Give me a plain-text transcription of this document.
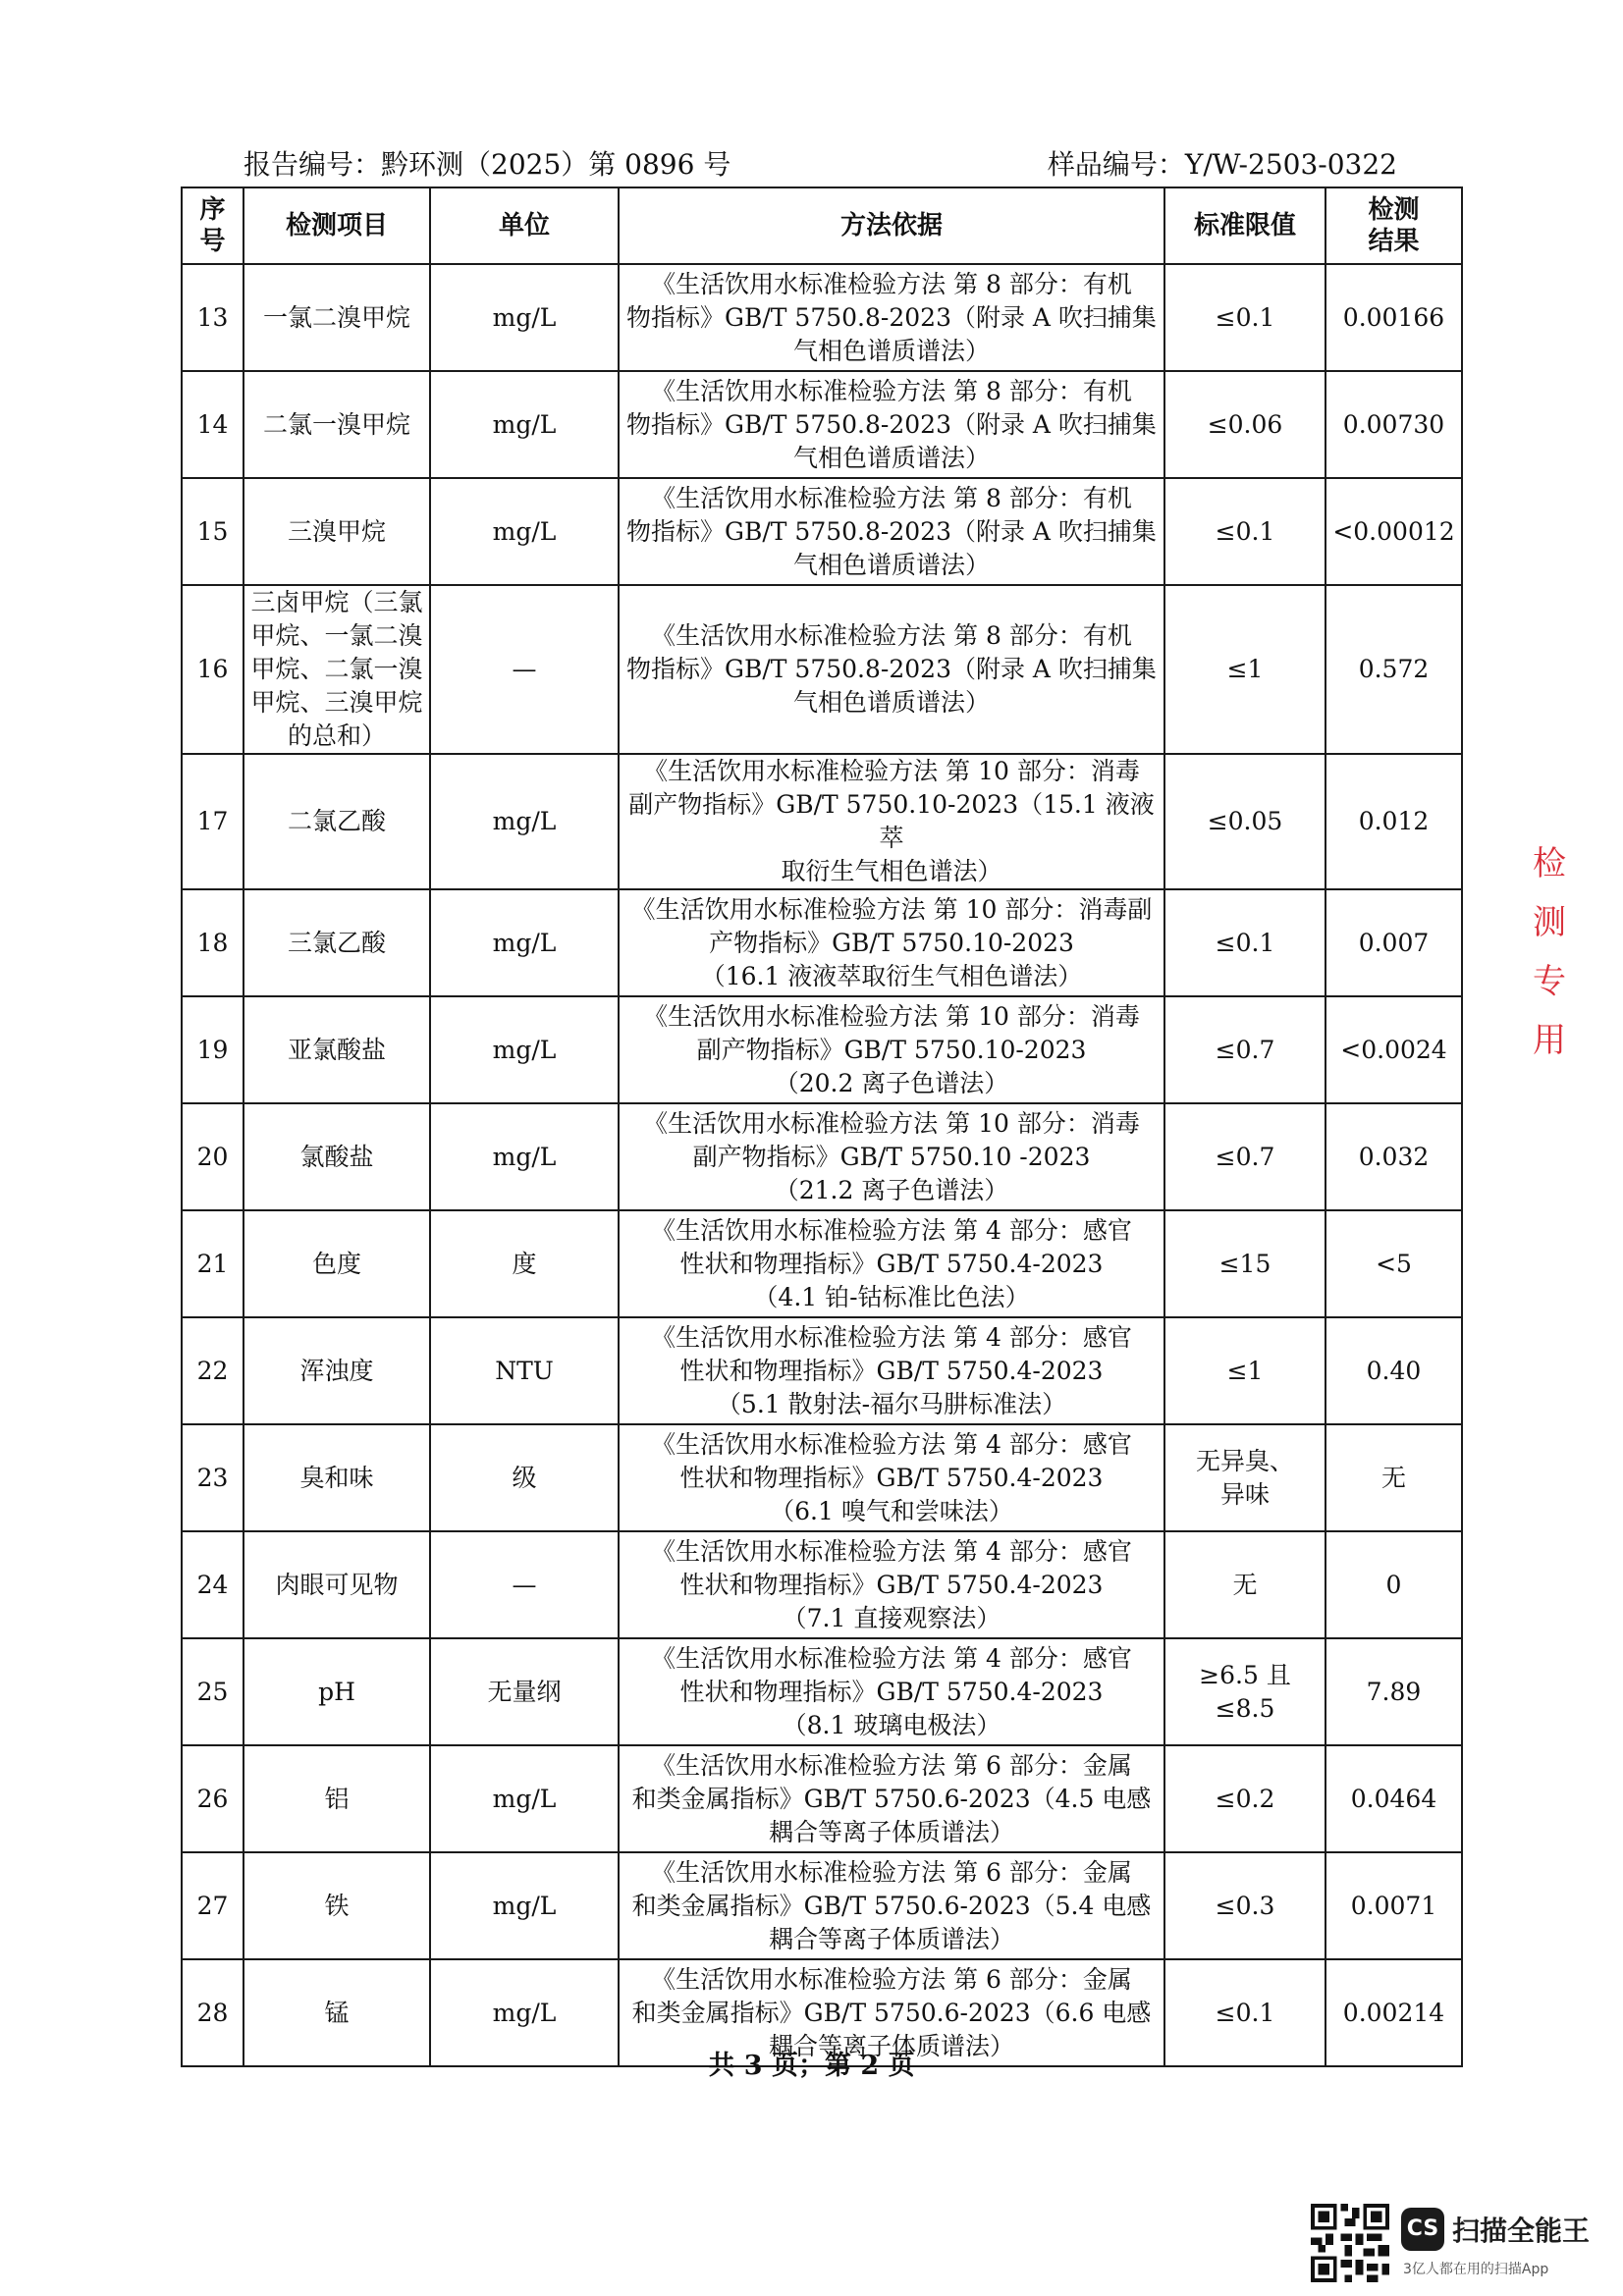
报告编号：黔环测（2025）第 0896 号	样品编号：Y/W-2503-0322
序
号	检测项目	单位	方法依据	标准限值	检测
结果

13	一氯二溴甲烷	mg/L	《生活饮用水标准检验方法 第 8 部分：有机
物指标》GB/T 5750.8-2023（附录 A 吹扫捕集
气相色谱质谱法）	≤0.1	0.00166
14	二氯一溴甲烷	mg/L	《生活饮用水标准检验方法 第 8 部分：有机
物指标》GB/T 5750.8-2023（附录 A 吹扫捕集
气相色谱质谱法）	≤0.06	0.00730
15	三溴甲烷	mg/L	《生活饮用水标准检验方法 第 8 部分：有机
物指标》GB/T 5750.8-2023（附录 A 吹扫捕集
气相色谱质谱法）	≤0.1	<0.00012
16	三卤甲烷（三氯
甲烷、一氯二溴
甲烷、二氯一溴
甲烷、三溴甲烷
的总和）	—	《生活饮用水标准检验方法 第 8 部分：有机
物指标》GB/T 5750.8-2023（附录 A 吹扫捕集
气相色谱质谱法）	≤1	0.572
17	二氯乙酸	mg/L	《生活饮用水标准检验方法 第 10 部分：消毒
副产物指标》GB/T 5750.10-2023（15.1 液液萃
取衍生气相色谱法）	≤0.05	0.012
18	三氯乙酸	mg/L	《生活饮用水标准检验方法 第 10 部分：消毒副
产物指标》GB/T 5750.10-2023
（16.1 液液萃取衍生气相色谱法）	≤0.1	0.007
19	亚氯酸盐	mg/L	《生活饮用水标准检验方法 第 10 部分：消毒
副产物指标》GB/T 5750.10-2023
（20.2 离子色谱法）	≤0.7	<0.0024
20	氯酸盐	mg/L	《生活饮用水标准检验方法 第 10 部分：消毒
副产物指标》GB/T 5750.10 -2023
（21.2 离子色谱法）	≤0.7	0.032
21	色度	度	《生活饮用水标准检验方法 第 4 部分：感官
性状和物理指标》GB/T 5750.4-2023
（4.1 铂-钴标准比色法）	≤15	<5
22	浑浊度	NTU	《生活饮用水标准检验方法 第 4 部分：感官
性状和物理指标》GB/T 5750.4-2023
（5.1 散射法-福尔马肼标准法）	≤1	0.40
23	臭和味	级	《生活饮用水标准检验方法 第 4 部分：感官
性状和物理指标》GB/T 5750.4-2023
（6.1 嗅气和尝味法）	无异臭、
异味	无
24	肉眼可见物	—	《生活饮用水标准检验方法 第 4 部分：感官
性状和物理指标》GB/T 5750.4-2023
（7.1 直接观察法）	无	0
25	pH	无量纲	《生活饮用水标准检验方法 第 4 部分：感官
性状和物理指标》GB/T 5750.4-2023
（8.1 玻璃电极法）	≥6.5 且≤8.5	7.89
26	铝	mg/L	《生活饮用水标准检验方法 第 6 部分：金属
和类金属指标》GB/T 5750.6-2023（4.5 电感
耦合等离子体质谱法）	≤0.2	0.0464
27	铁	mg/L	《生活饮用水标准检验方法 第 6 部分：金属
和类金属指标》GB/T 5750.6-2023（5.4 电感
耦合等离子体质谱法）	≤0.3	0.0071
28	锰	mg/L	《生活饮用水标准检验方法 第 6 部分：金属
和类金属指标》GB/T 5750.6-2023（6.6 电感
耦合等离子体质谱法）	≤0.1	0.00214
共 3 页；第 2 页
检
测
专
用
CS 扫描全能王
3亿人都在用的扫描App
